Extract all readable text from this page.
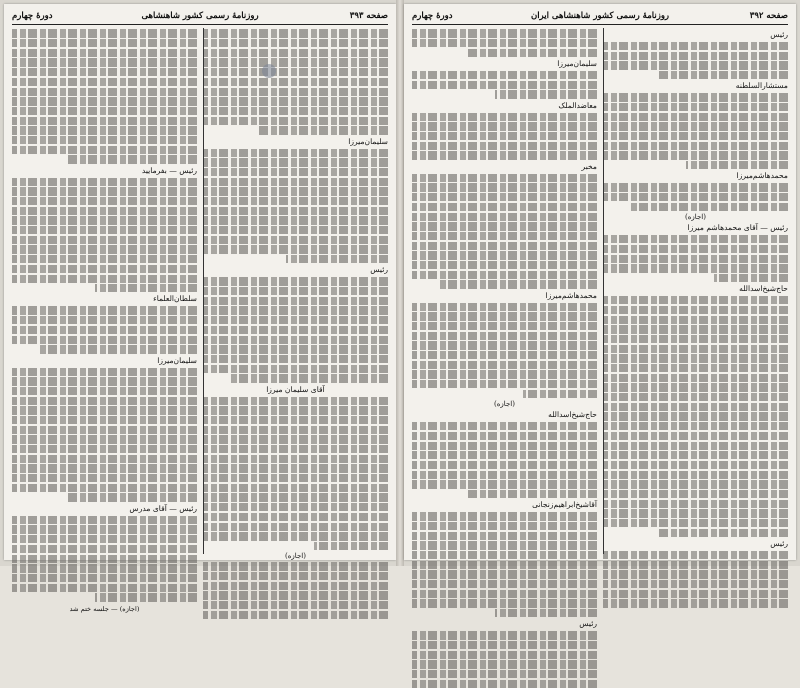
صفحه ۳۹۳
روزنامهٔ رسمی کشور شاهنشاهی
دورهٔ چهارم
سلیمان‌میرزا
رئیس
آقای سلیمان میرزا
(اجازه)
رئیس — بفرمایید
سلطان‌العلماء
سلیمان‌میرزا
رئیس — آقای مدرس
(اجازه) — جلسه ختم شد
صفحه ۳۹۲
روزنامهٔ رسمی کشور شاهنشاهی ایران
دورهٔ چهارم
رئیس
مستشارالسلطنه
محمدهاشم‌میرزا
(اجازه)
رئیس — آقای محمدهاشم میرزا
حاج‌شیخ‌اسدالله
رئیس
سلیمان‌میرزا
معاضدالملک
مخبر
محمدهاشم‌میرزا
(اجازه)
حاج‌شیخ‌اسدالله
آقاشیخ‌ابراهیم‌زنجانی
رئیس
